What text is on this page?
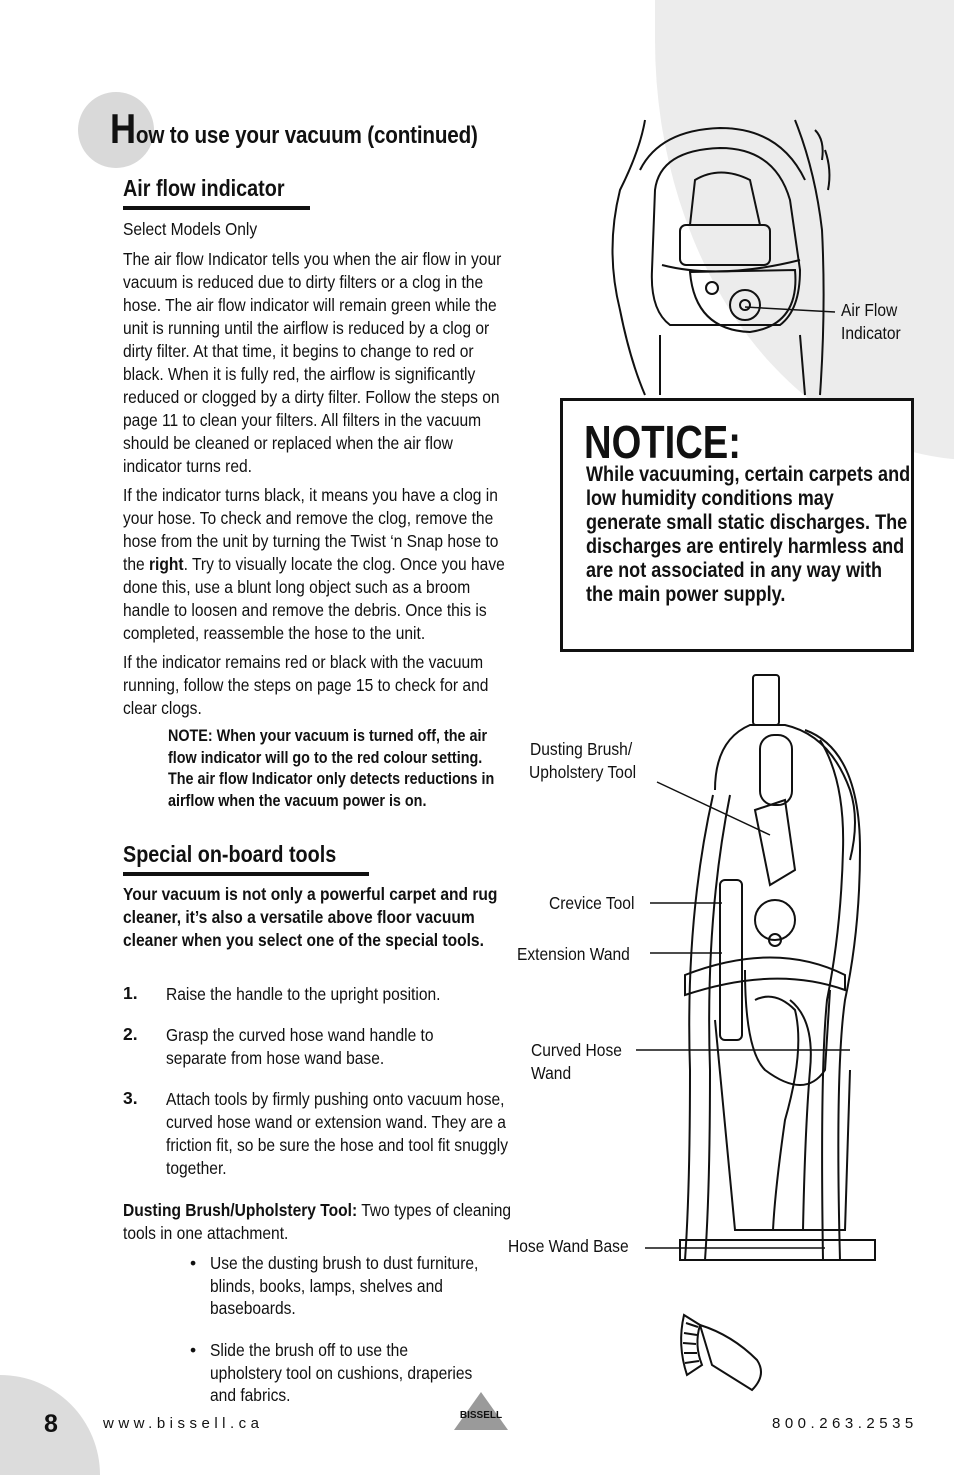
How to use your vacuum (continued)
Air flow indicator
Select Models Only
The air flow Indicator tells you when the air flow in your vacuum is reduced due to dirty filters or a clog in the hose. The air flow indicator will remain green while the unit is running until the airflow is reduced by a clog or dirty filter. At that time, it begins to change to red or black. When it is fully red, the airflow is significantly reduced or clogged by a dirty filter. Follow the steps on page 11 to clean your filters. All filters in the vacuum should be cleaned or replaced when the air flow indicator turns red.
If the indicator turns black, it means you have a clog in your hose. To check and remove the clog, remove the hose from the unit by turning the Twist ‘n Snap hose to the right. Try to visually locate the clog. Once you have done this, use a blunt long object such as a broom handle to loosen and remove the debris. Once this is completed, reassemble the hose to the unit.
If the indicator remains red or black with the vacuum running, follow the steps on page 15 to check for and clear clogs.
NOTE: When your vacuum is turned off, the air flow indicator will go to the red colour setting. The air flow Indicator only detects reductions in airflow when the vacuum power is on.
Special on-board tools
Your vacuum is not only a powerful carpet and rug cleaner, it’s also a versatile above floor vacuum cleaner when you select one of the special tools.
1. Raise the handle to the upright position.
2. Grasp the curved hose wand handle to separate from hose wand base.
3. Attach tools by firmly pushing onto vacuum hose, curved hose wand or extension wand. They are a friction fit, so be sure the hose and tool fit snuggly together.
Dusting Brush/Upholstery Tool: Two types of cleaning tools in one attachment.
• Use the dusting brush to dust furniture, blinds, books, lamps, shelves and baseboards.
• Slide the brush off to use the upholstery tool on cushions, draperies and fabrics.
Air Flow
Indicator
NOTICE:
While vacuuming, certain carpets and low humidity conditions may generate small static discharges. The discharges are entirely harmless and are not associated in any way with the main power supply.
Dusting Brush/
Upholstery Tool
Crevice Tool
Extension Wand
Curved Hose
Wand
Hose Wand Base
8	www.bissell.ca	BISSELL	800.263.2535
